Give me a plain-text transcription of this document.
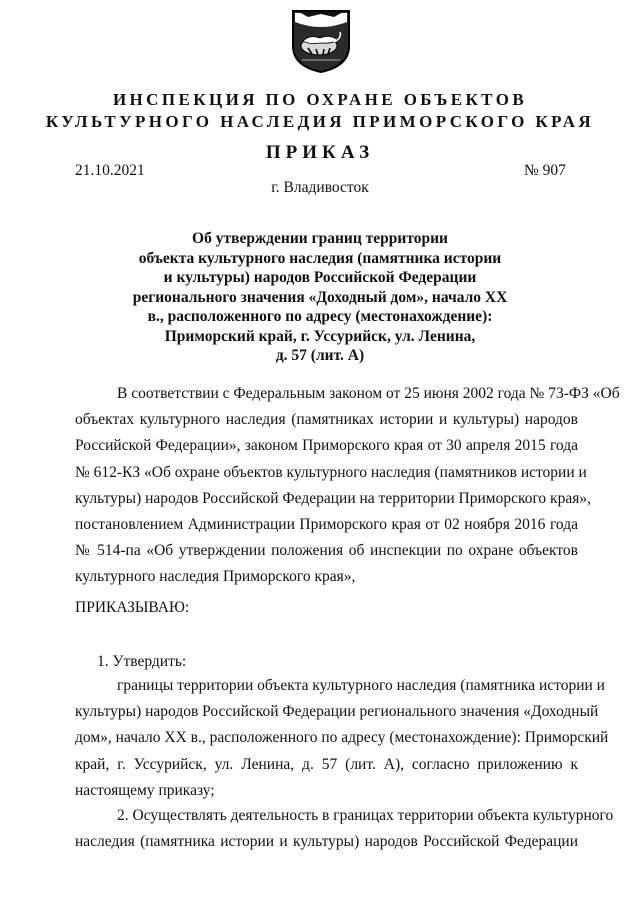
ИНСПЕКЦИЯ ПО ОХРАНЕ ОБЪЕКТОВ
КУЛЬТУРНОГО НАСЛЕДИЯ ПРИМОРСКОГО КРАЯ
ПРИКАЗ
21.10.2021	№ 907
г. Владивосток
Об утверждении границ территории
объекта культурного наследия (памятника истории
и культуры) народов Российской Федерации
регионального значения «Доходный дом», начало XX
в., расположенного по адресу (местонахождение):
Приморский край, г. Уссурийск, ул. Ленина,
д. 57 (лит. А)
В соответствии с Федеральным законом от 25 июня 2002 года № 73-ФЗ «Об
объектах культурного наследия (памятниках истории и культуры) народов
Российской Федерации», законом Приморского края от 30 апреля 2015 года
№ 612-КЗ «Об охране объектов культурного наследия (памятников истории и
культуры) народов Российской Федерации на территории Приморского края»,
постановлением Администрации Приморского края от 02 ноября 2016 года
№ 514-па «Об утверждении положения об инспекции по охране объектов
культурного наследия Приморского края»,
ПРИКАЗЫВАЮ:
1. Утвердить:
границы территории объекта культурного наследия (памятника истории и
культуры) народов Российской Федерации регионального значения «Доходный
дом», начало XX в., расположенного по адресу (местонахождение): Приморский
край, г. Уссурийск, ул. Ленина, д. 57 (лит. А), согласно приложению к
настоящему приказу;
2. Осуществлять деятельность в границах территории объекта культурного
наследия (памятника истории и культуры) народов Российской Федерации
